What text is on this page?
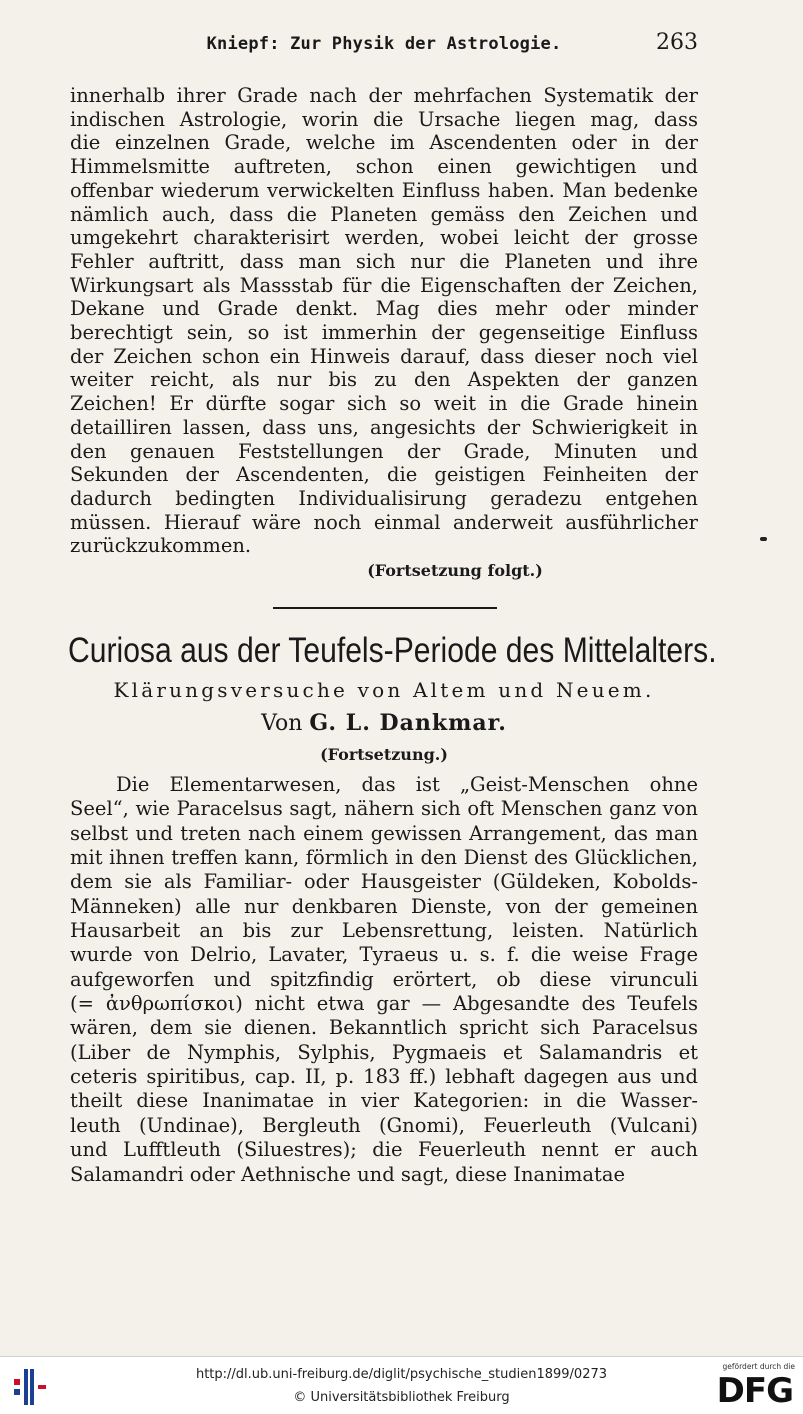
Kniepf: Zur Physik der Astrologie.	263
innerhalb ihrer Grade nach der mehrfachen Systematik der
indischen Astrologie, worin die Ursache liegen mag, dass
die einzelnen Grade, welche im Ascendenten oder in der
Himmelsmitte auftreten, schon einen gewichtigen und
offenbar wiederum verwickelten Einfluss haben. Man bedenke
nämlich auch, dass die Planeten gemäss den Zeichen und
umgekehrt charakterisirt werden, wobei leicht der grosse
Fehler auftritt, dass man sich nur die Planeten und ihre
Wirkungsart als Massstab für die Eigenschaften der Zeichen,
Dekane und Grade denkt. Mag dies mehr oder minder
berechtigt sein, so ist immerhin der gegenseitige Einfluss
der Zeichen schon ein Hinweis darauf, dass dieser noch viel
weiter reicht, als nur bis zu den Aspekten der ganzen
Zeichen! Er dürfte sogar sich so weit in die Grade hinein
detailliren lassen, dass uns, angesichts der Schwierigkeit in
den genauen Feststellungen der Grade, Minuten und
Sekunden der Ascendenten, die geistigen Feinheiten der
dadurch bedingten Individualisirung geradezu entgehen
müssen. Hierauf wäre noch einmal anderweit ausführlicher
zurückzukommen.
(Fortsetzung folgt.)
Curiosa aus der Teufels-Periode des Mittelalters.
Klärungsversuche von Altem und Neuem.
Von G. L. Dankmar.
(Fortsetzung.)
Die Elementarwesen, das ist „Geist-Menschen ohne
Seel“, wie Paracelsus sagt, nähern sich oft Menschen ganz von
selbst und treten nach einem gewissen Arrangement, das man
mit ihnen treffen kann, förmlich in den Dienst des Glücklichen,
dem sie als Familiar- oder Hausgeister (Güldeken, Kobolds-
Männeken) alle nur denkbaren Dienste, von der gemeinen
Hausarbeit an bis zur Lebensrettung, leisten. Natürlich
wurde von Delrio, Lavater, Tyraeus u. s. f. die weise Frage
aufgeworfen und spitzfindig erörtert, ob diese virunculi
(= ἀνθρωπίσκοι) nicht etwa gar — Abgesandte des Teufels
wären, dem sie dienen. Bekanntlich spricht sich Paracelsus
(Liber de Nymphis, Sylphis, Pygmaeis et Salamandris et
ceteris spiritibus, cap. II, p. 183 ff.) lebhaft dagegen aus und
theilt diese Inanimatae in vier Kategorien: in die Wasser-
leuth (Undinae), Bergleuth (Gnomi), Feuerleuth (Vulcani)
und Lufftleuth (Siluestres); die Feuerleuth nennt er auch
Salamandri oder Aethnische und sagt, diese Inanimatae
http://dl.ub.uni-freiburg.de/diglit/psychische_studien1899/0273
© Universitätsbibliothek Freiburg
gefördert durch die
DFG
